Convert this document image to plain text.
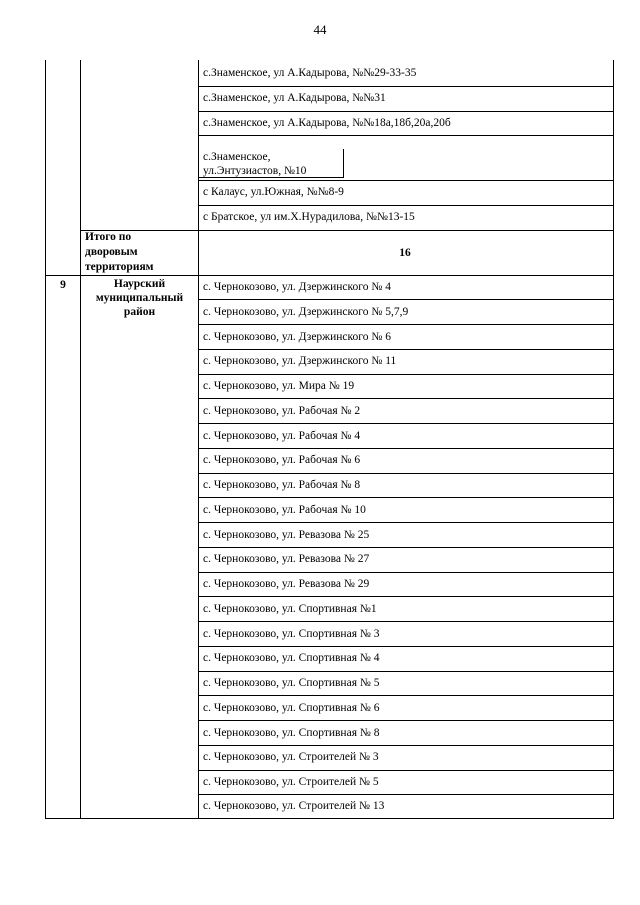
44
с.Знаменское, ул А.Кадырова, №№29-33-35
с.Знаменское, ул А.Кадырова, №№31
с.Знаменское, ул А.Кадырова, №№18а,18б,20а,20б
с.Знаменское,
ул.Энтузиастов, №10
с Калаус, ул.Южная, №№8-9
с Братское, ул им.Х.Нурадилова, №№13-15
Итого по
дворовым
территориям
16
9	Наурский
муниципальный
район
с. Чернокозово, ул. Дзержинского № 4
с. Чернокозово, ул. Дзержинского № 5,7,9
с. Чернокозово, ул. Дзержинского № 6
с. Чернокозово, ул. Дзержинского № 11
с. Чернокозово, ул. Мира № 19
с. Чернокозово, ул. Рабочая № 2
с. Чернокозово, ул. Рабочая № 4
с. Чернокозово, ул. Рабочая № 6
с. Чернокозово, ул. Рабочая № 8
с. Чернокозово, ул. Рабочая № 10
с. Чернокозово, ул. Ревазова № 25
с. Чернокозово, ул. Ревазова № 27
с. Чернокозово, ул. Ревазова № 29
с. Чернокозово, ул. Спортивная №1
с. Чернокозово, ул. Спортивная № 3
с. Чернокозово, ул. Спортивная № 4
с. Чернокозово, ул. Спортивная № 5
с. Чернокозово, ул. Спортивная № 6
с. Чернокозово, ул. Спортивная № 8
с. Чернокозово, ул. Строителей № 3
с. Чернокозово, ул. Строителей № 5
с. Чернокозово, ул. Строителей № 13
